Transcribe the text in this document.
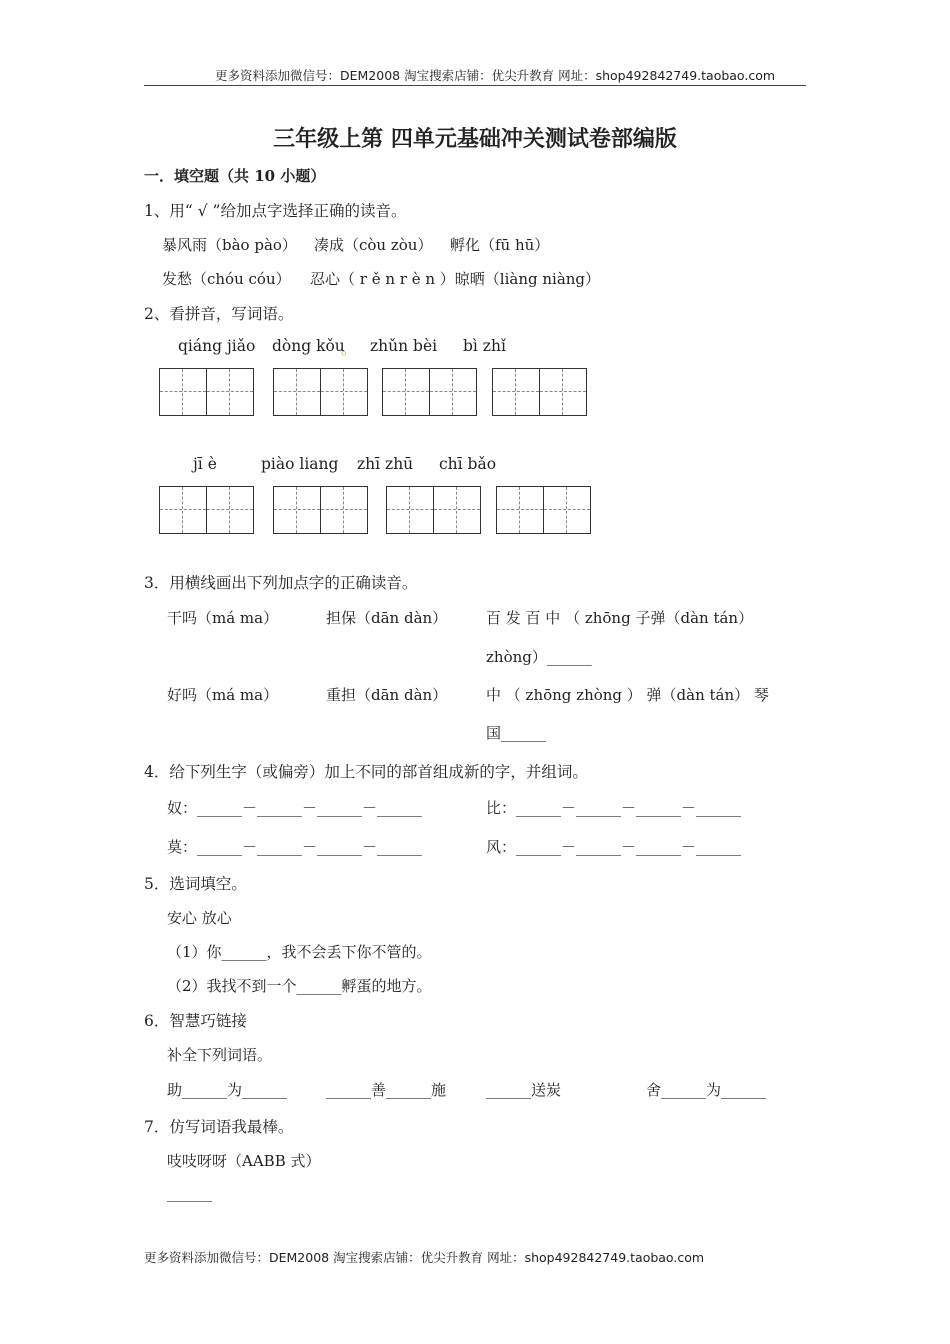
更多资料添加微信号：DEM2008 淘宝搜索店铺：优尖升教育 网址：shop492842749.taobao.com
三年级上第 四单元基础冲关测试卷部编版
一．填空题（共 10 小题）
1、用“ √ ”给加点字选择正确的读音。
暴风雨（bào pào） 凑成（còu zòu） 孵化（fū hū）
发愁（chóu cóu） 忍心（ r ě n r è n ）晾晒（liàng niàng）
2、看拼音，写词语。
qiáng jiǎo dòng kǒu
。 zhǔn bèi bì zhǐ
jī è	piào liang zhī zhū chī bǎo
3．用横线画出下列加点字的正确读音。
干吗（má ma）	担保（dān dàn）	百 发 百 中 （ zhōng 子弹（dàn tán）
zhòng）______
好吗（má ma）	重担（dān dàn）	中 （ zhōng zhòng ） 弹（dàn tán） 琴
国______
4．给下列生字（或偏旁）加上不同的部首组成新的字，并组词。
奴：______－______－______－______	比：______－______－______－______
莫：______－______－______－______	风：______－______－______－______
5．选词填空。
安心 放心
（1）你______，我不会丢下你不管的。
（2）我找不到一个______孵蛋的地方。
6．智慧巧链接
补全下列词语。
助______为______	______善______施	______送炭	舍______为______
7．仿写词语我最棒。
吱吱呀呀（AABB 式）
______
更多资料添加微信号：DEM2008 淘宝搜索店铺：优尖升教育 网址：shop492842749.taobao.com
